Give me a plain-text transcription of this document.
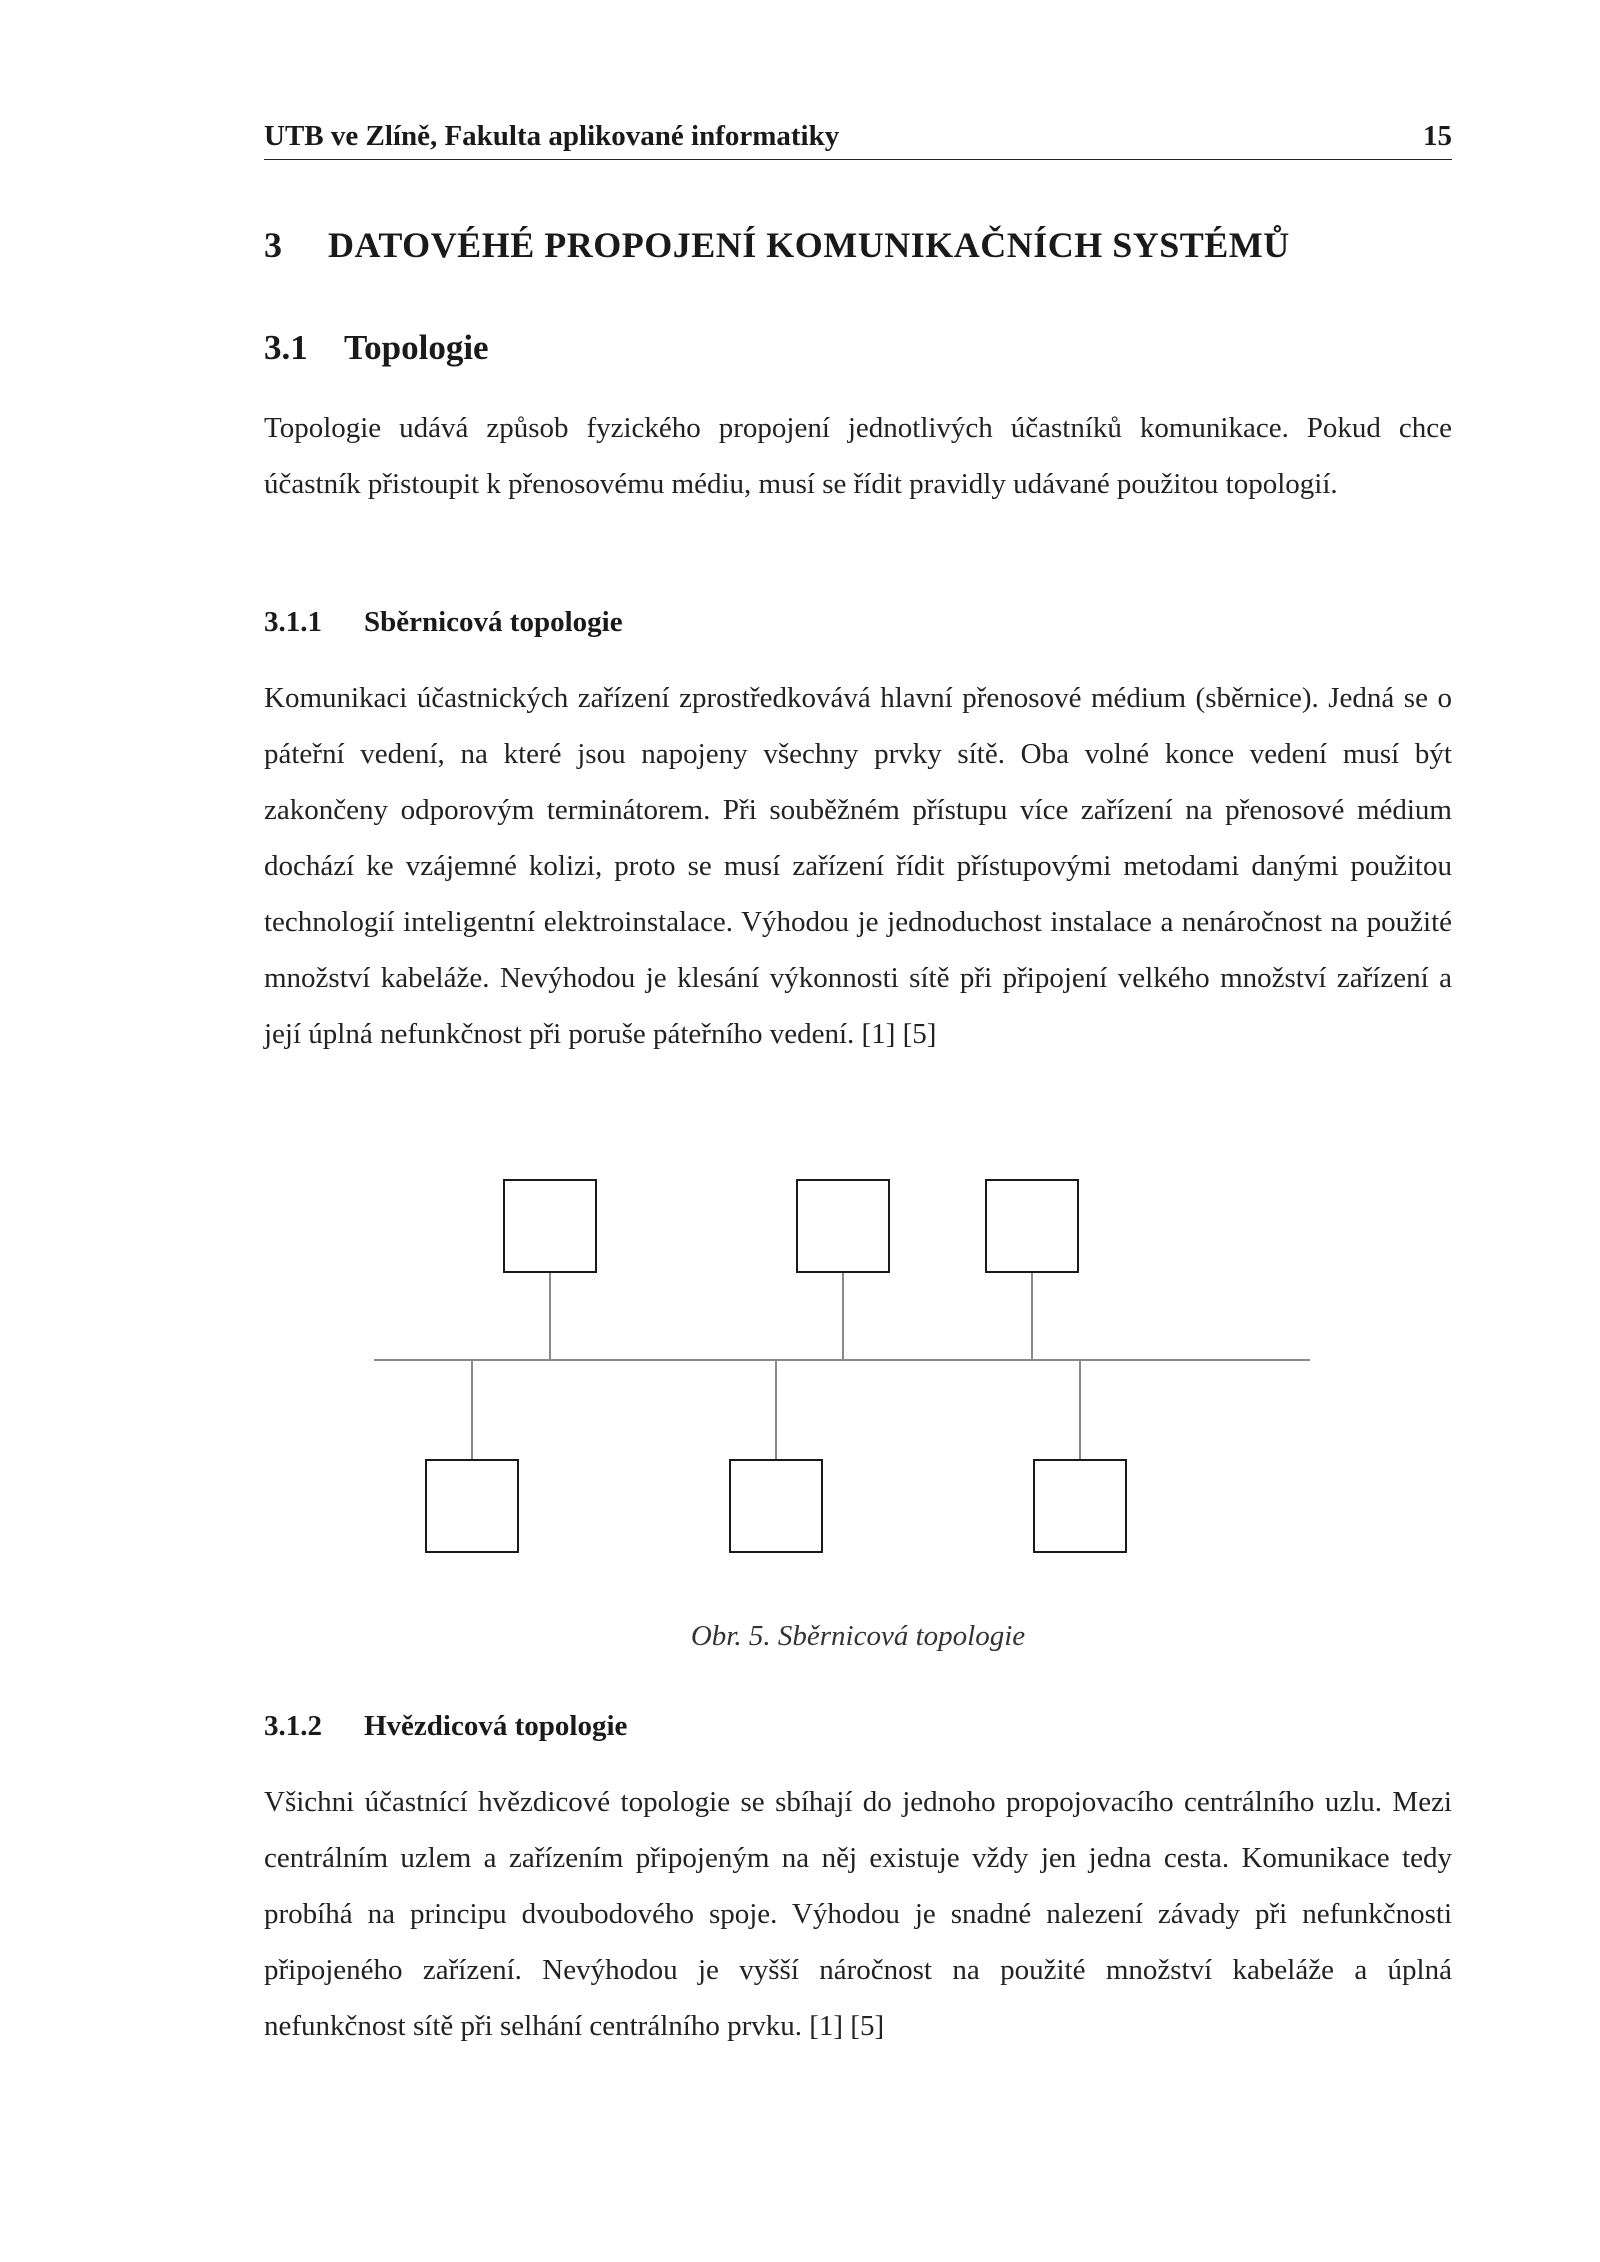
UTB ve Zlíně, Fakulta aplikované informatiky	15
3 DATOVÉHÉ PROPOJENÍ KOMUNIKAČNÍCH SYSTÉMŮ
3.1 Topologie

Topologie udává způsob fyzického propojení jednotlivých účastníků komunikace. Pokud chce účastník přistoupit k přenosovému médiu, musí se řídit pravidly udávané použitou topologií.

3.1.1 Sběrnicová topologie

Komunikaci účastnických zařízení zprostředkovává hlavní přenosové médium (sběrnice). Jedná se o páteřní vedení, na které jsou napojeny všechny prvky sítě. Oba volné konce vedení musí být zakončeny odporovým terminátorem. Při souběžném přístupu více zařízení na přenosové médium dochází ke vzájemné kolizi, proto se musí zařízení řídit přístupovými metodami danými použitou technologií inteligentní elektroinstalace. Výhodou je jednoduchost instalace a nenáročnost na použité množství kabeláže. Nevýhodou je klesání výkonnosti sítě při připojení velkého množství zařízení a její úplná nefunkčnost při poruše páteřního vedení. [1] [5]

Obr. 5. Sběrnicová topologie
3.1.2 Hvězdicová topologie

Všichni účastnící hvězdicové topologie se sbíhají do jednoho propojovacího centrálního uzlu. Mezi centrálním uzlem a zařízením připojeným na něj existuje vždy jen jedna cesta. Komunikace tedy probíhá na principu dvoubodového spoje. Výhodou je snadné nalezení závady při nefunkčnosti připojeného zařízení. Nevýhodou je vyšší náročnost na použité množství kabeláže a úplná nefunkčnost sítě při selhání centrálního prvku. [1] [5]
